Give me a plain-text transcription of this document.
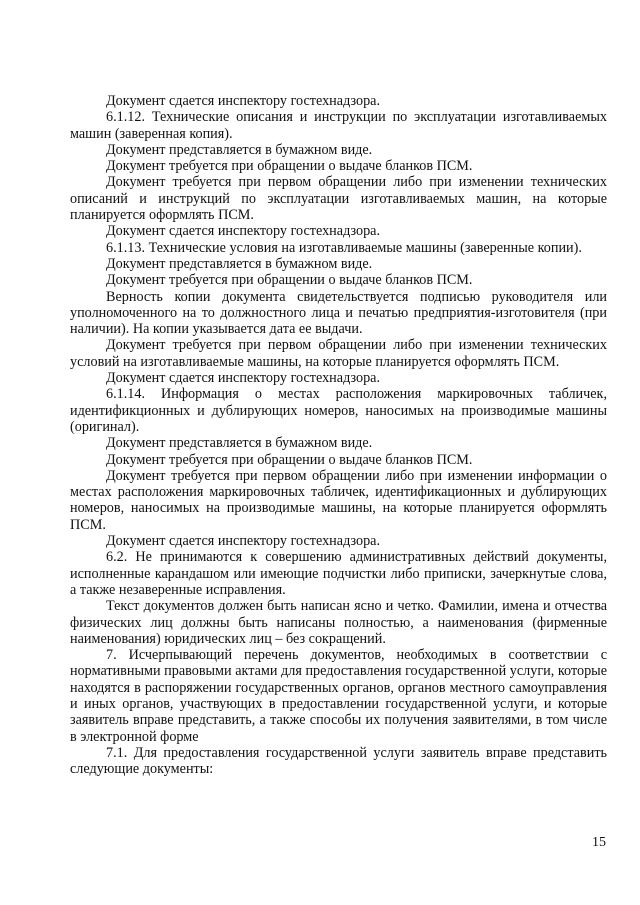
Документ сдается инспектору гостехнадзора.

6.1.12. Технические описания и инструкции по эксплуатации изготавливаемых машин (заверенная копия).

Документ представляется в бумажном виде.

Документ требуется при обращении о выдаче бланков ПСМ.

Документ требуется при первом обращении либо при изменении технических описаний и инструкций по эксплуатации изготавливаемых машин, на которые планируется оформлять ПСМ.

Документ сдается инспектору гостехнадзора.

6.1.13. Технические условия на изготавливаемые машины (заверенные копии).

Документ представляется в бумажном виде.

Документ требуется при обращении о выдаче бланков ПСМ.

Верность копии документа свидетельствуется подписью руководителя или уполномоченного на то должностного лица и печатью предприятия-изготовителя (при наличии). На копии указывается дата ее выдачи.

Документ требуется при первом обращении либо при изменении технических условий на изготавливаемые машины, на которые планируется оформлять ПСМ.

Документ сдается инспектору гостехнадзора.

6.1.14. Информация о местах расположения маркировочных табличек, идентификционных и дублирующих номеров, наносимых на производимые машины (оригинал).

Документ представляется в бумажном виде.

Документ требуется при обращении о выдаче бланков ПСМ.

Документ требуется при первом обращении либо при изменении информации о местах расположения маркировочных табличек, идентификационных и дублирующих номеров, наносимых на производимые машины, на которые планируется оформлять ПСМ.

Документ сдается инспектору гостехнадзора.

6.2. Не принимаются к совершению административных действий документы, исполненные карандашом или имеющие подчистки либо приписки, зачеркнутые слова, а также незаверенные исправления.

Текст документов должен быть написан ясно и четко. Фамилии, имена и отчества физических лиц должны быть написаны полностью, а наименования (фирменные наименования) юридических лиц – без сокращений.

7. Исчерпывающий перечень документов, необходимых в соответствии с нормативными правовыми актами для предоставления государственной услуги, которые находятся в распоряжении государственных органов, органов местного самоуправления и иных органов, участвующих в предоставлении государственной услуги, и которые заявитель вправе представить, а также способы их получения заявителями, в том числе в электронной форме

7.1. Для предоставления государственной услуги заявитель вправе представить следующие документы:

15
